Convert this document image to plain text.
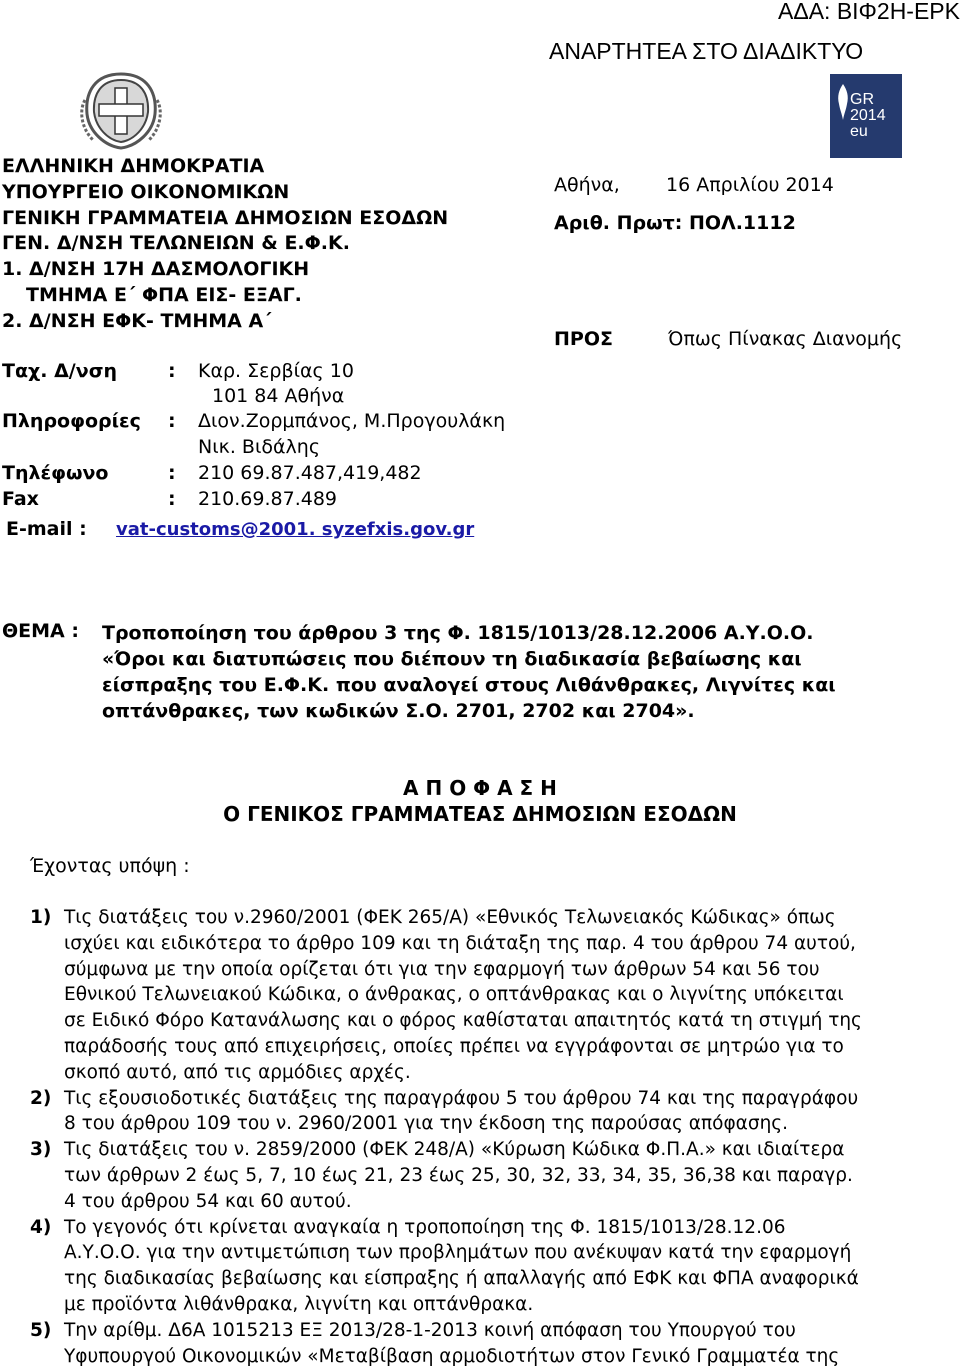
ΑΔΑ: ΒΙΦ2Η-ΕΡΚ
ΑΝΑΡΤΗΤΕΑ ΣΤΟ ΔΙΑΔΙΚΤΥΟ
GR
2014
eu
ΕΛΛΗΝΙΚΗ ΔΗΜΟΚΡΑΤΙΑ
ΥΠΟΥΡΓΕΙΟ ΟΙΚΟΝΟΜΙΚΩΝ
ΓΕΝΙΚΗ ΓΡΑΜΜΑΤΕΙΑ ΔΗΜΟΣΙΩΝ ΕΣΟΔΩΝ
ΓΕΝ. Δ/ΝΣΗ ΤΕΛΩΝΕΙΩΝ & Ε.Φ.Κ.
1. Δ/ΝΣΗ 17Η ΔΑΣΜΟΛΟΓΙΚΗ
ΤΜΗΜΑ Ε΄ ΦΠΑ ΕΙΣ- ΕΞΑΓ.
2. Δ/ΝΣΗ ΕΦΚ- ΤΜΗΜΑ Α΄
Ταχ. Δ/νση	: Καρ. Σερβίας 10
101 84 Αθήνα
Πληροφορίες : Διον.Ζορμπάνος, Μ.Προγουλάκη
Νικ. Βιδάλης
Τηλέφωνο	: 210 69.87.487,419,482
Fax	: 210.69.87.489
E-mail : vat-customs@2001. syzefxis.gov.gr
Αθήνα, 16 Απριλίου 2014
Αριθ. Πρωτ: ΠΟΛ.1112
ΠΡΟΣ	Όπως Πίνακας Διανομής
ΘΕΜΑ : Τροποποίηση του άρθρου 3 της Φ. 1815/1013/28.12.2006 Α.Υ.Ο.Ο.
«Όροι και διατυπώσεις που διέπουν τη διαδικασία βεβαίωσης και
είσπραξης του Ε.Φ.Κ. που αναλογεί στους Λιθάνθρακες, Λιγνίτες και
οπτάνθρακες, των κωδικών Σ.Ο. 2701, 2702 και 2704».
Α Π Ο Φ Α Σ Η
Ο ΓΕΝΙΚΟΣ ΓΡΑΜΜΑΤΕΑΣ ΔΗΜΟΣΙΩΝ ΕΣΟΔΩΝ
Έχοντας υπόψη :
1) Τις διατάξεις του ν.2960/2001 (ΦΕΚ 265/Α) «Εθνικός Τελωνειακός Κώδικας» όπως
ισχύει και ειδικότερα το άρθρο 109 και τη διάταξη της παρ. 4 του άρθρου 74 αυτού,
σύμφωνα με την οποία ορίζεται ότι για την εφαρμογή των άρθρων 54 και 56 του
Εθνικού Τελωνειακού Κώδικα, ο άνθρακας, ο οπτάνθρακας και ο λιγνίτης υπόκειται
σε Ειδικό Φόρο Κατανάλωσης και ο φόρος καθίσταται απαιτητός κατά τη στιγμή της
παράδοσής τους από επιχειρήσεις, οποίες πρέπει να εγγράφονται σε μητρώο για το
σκοπό αυτό, από τις αρμόδιες αρχές.
2) Τις εξουσιοδοτικές διατάξεις της παραγράφου 5 του άρθρου 74 και της παραγράφου
8 του άρθρου 109 του ν. 2960/2001 για την έκδοση της παρούσας απόφασης.
3) Τις διατάξεις του ν. 2859/2000 (ΦΕΚ 248/Α) «Κύρωση Κώδικα Φ.Π.Α.» και ιδιαίτερα
των άρθρων 2 έως 5, 7, 10 έως 21, 23 έως 25, 30, 32, 33, 34, 35, 36,38 και παραγρ.
4 του άρθρου 54 και 60 αυτού.
4) Το γεγονός ότι κρίνεται αναγκαία η τροποποίηση της Φ. 1815/1013/28.12.06
Α.Υ.Ο.Ο. για την αντιμετώπιση των προβλημάτων που ανέκυψαν κατά την εφαρμογή
της διαδικασίας βεβαίωσης και είσπραξης ή απαλλαγής από ΕΦΚ και ΦΠΑ αναφορικά
με προϊόντα λιθάνθρακα, λιγνίτη και οπτάνθρακα.
5) Την αρίθμ. Δ6Α 1015213 ΕΞ 2013/28-1-2013 κοινή απόφαση του Υπουργού του
Υφυπουργού Οικονομικών «Μεταβίβαση αρμοδιοτήτων στον Γενικό Γραμματέα της
